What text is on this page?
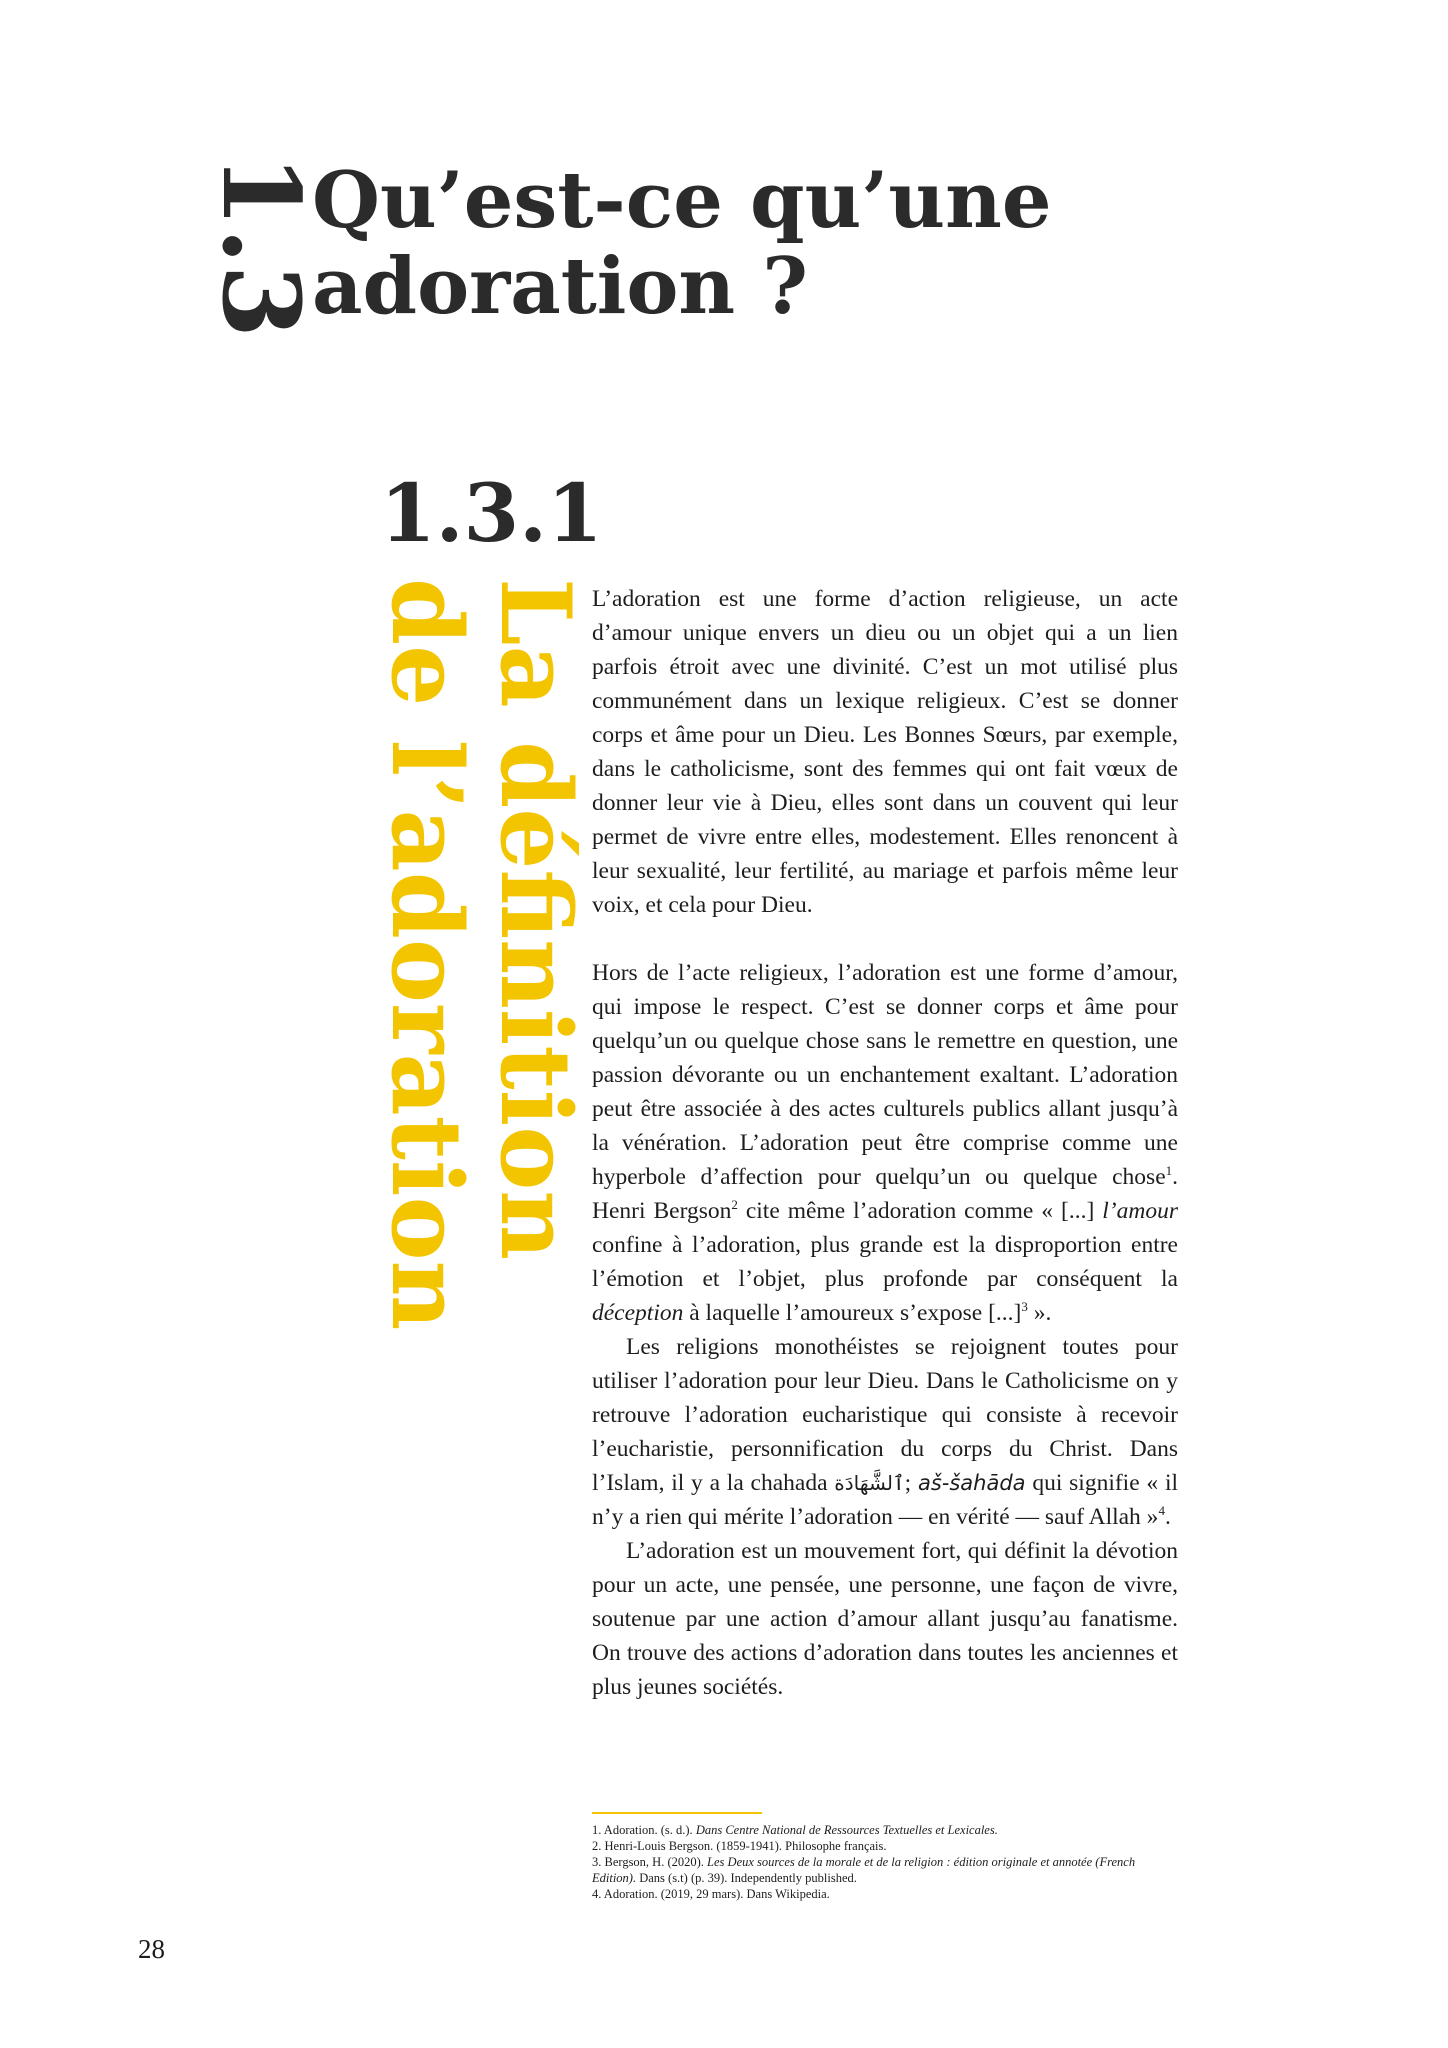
1.3
Qu’est-ce qu’une
adoration ?
1.3.1
La définition
de l’adoration	L’adoration est une forme d’action religieuse, un acte d’amour unique envers un dieu ou un objet qui a un lien parfois étroit avec une divinité. C’est un mot utilisé plus communément dans un lexique religieux. C’est se donner corps et âme pour un Dieu. Les Bonnes Sœurs, par exemple, dans le catholicisme, sont des femmes qui ont fait vœux de donner leur vie à Dieu, elles sont dans un couvent qui leur permet de vivre entre elles, modestement. Elles renoncent à leur sexualité, leur fertilité, au mariage et parfois même leur voix, et cela pour Dieu.

Hors de l’acte religieux, l’adoration est une forme d’amour, qui impose le respect. C’est se donner corps et âme pour quelqu’un ou quelque chose sans le remettre en question, une passion dévorante ou un enchantement exaltant. L’adoration peut être associée à des actes culturels publics allant jusqu’à la vénération. L’adoration peut être comprise comme une hyperbole d’affection pour quelqu’un ou quelque chose$^1$. Henri Bergson$^2$ cite même l’adoration comme « [...] l’amour confine à l’adoration, plus grande est la disproportion entre l’émotion et l’objet, plus profonde par conséquent la déception à laquelle l’amoureux s’expose [...]$^3$ ».

Les religions monothéistes se rejoignent toutes pour utiliser l’adoration pour leur Dieu. Dans le Catholicisme on y retrouve l’adoration eucharistique qui consiste à recevoir l’eucharistie, personnification du corps du Christ. Dans l’Islam, il y a la chahada ٱلشَّهَادَة; aš-šahāda qui signifie « il n’y a rien qui mérite l’adoration — en vérité — sauf Allah »$^4$.

L’adoration est un mouvement fort, qui définit la dévotion pour un acte, une pensée, une personne, une façon de vivre, soutenue par une action d’amour allant jusqu’au fanatisme. On trouve des actions d’adoration dans toutes les anciennes et plus jeunes sociétés.

1. Adoration. (s. d.). Dans Centre National de Ressources Textuelles et Lexicales.
2. Henri-Louis Bergson. (1859-1941). Philosophe français.
3. Bergson, H. (2020). Les Deux sources de la morale et de la religion : édition originale et annotée (French Edition). Dans (s.t) (p. 39). Independently published.
4. Adoration. (2019, 29 mars). Dans Wikipedia.
28
